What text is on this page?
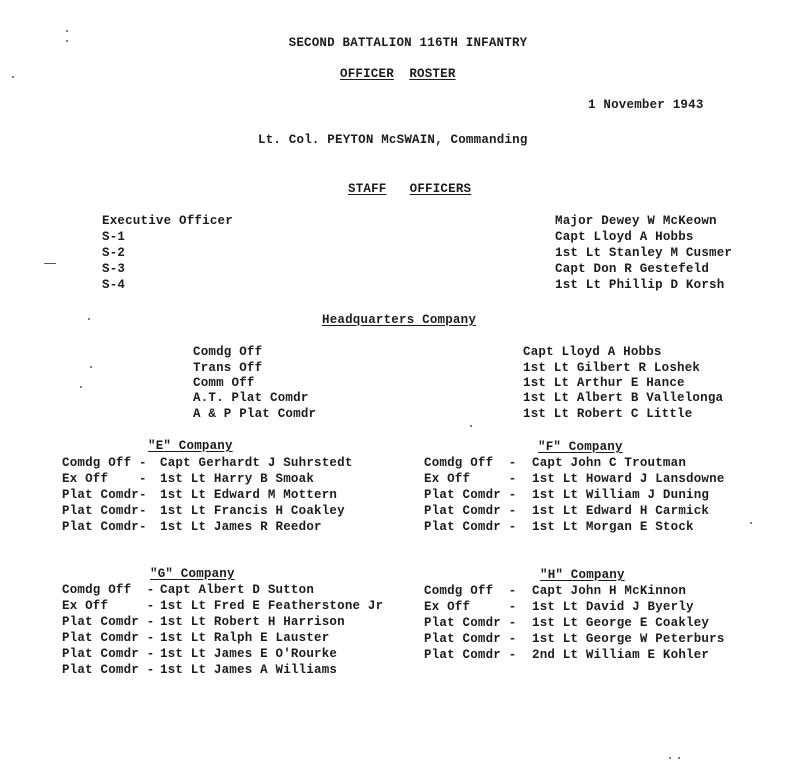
SECOND BATTALION 116TH INFANTRY
OFFICER ROSTER
1 November 1943
Lt. Col. PEYTON McSWAIN, Commanding
STAFF OFFICERS
Executive Officer
S-1
S-2
S-3
S-4
Major Dewey W McKeown
Capt Lloyd A Hobbs
1st Lt Stanley M Cusmer
Capt Don R Gestefeld
1st Lt Phillip D Korsh
Headquarters Company
Comdg Off
Trans Off
Comm Off
A.T. Plat Comdr
A & P Plat Comdr
Capt Lloyd A Hobbs
1st Lt Gilbert R Loshek
1st Lt Arthur E Hance
1st Lt Albert B Vallelonga
1st Lt Robert C Little
"E" Company
Comdg Off -
Ex Off    -
Plat Comdr-
Plat Comdr-
Plat Comdr-
Capt Gerhardt J Suhrstedt
1st Lt Harry B Smoak
1st Lt Edward M Mottern
1st Lt Francis H Coakley
1st Lt James R Reedor
"F" Company
Comdg Off  -
Ex Off     -
Plat Comdr -
Plat Comdr -
Plat Comdr -
Capt John C Troutman
1st Lt Howard J Lansdowne
1st Lt William J Duning
1st Lt Edward H Carmick
1st Lt Morgan E Stock
"G" Company
Comdg Off  -
Ex Off     -
Plat Comdr -
Plat Comdr -
Plat Comdr -
Plat Comdr -
Capt Albert D Sutton
1st Lt Fred E Featherstone Jr
1st Lt Robert H Harrison
1st Lt Ralph E Lauster
1st Lt James E O'Rourke
1st Lt James A Williams
"H" Company
Comdg Off  -
Ex Off     -
Plat Comdr -
Plat Comdr -
Plat Comdr -
Capt John H McKinnon
1st Lt David J Byerly
1st Lt George E Coakley
1st Lt George W Peterburs
2nd Lt William E Kohler
